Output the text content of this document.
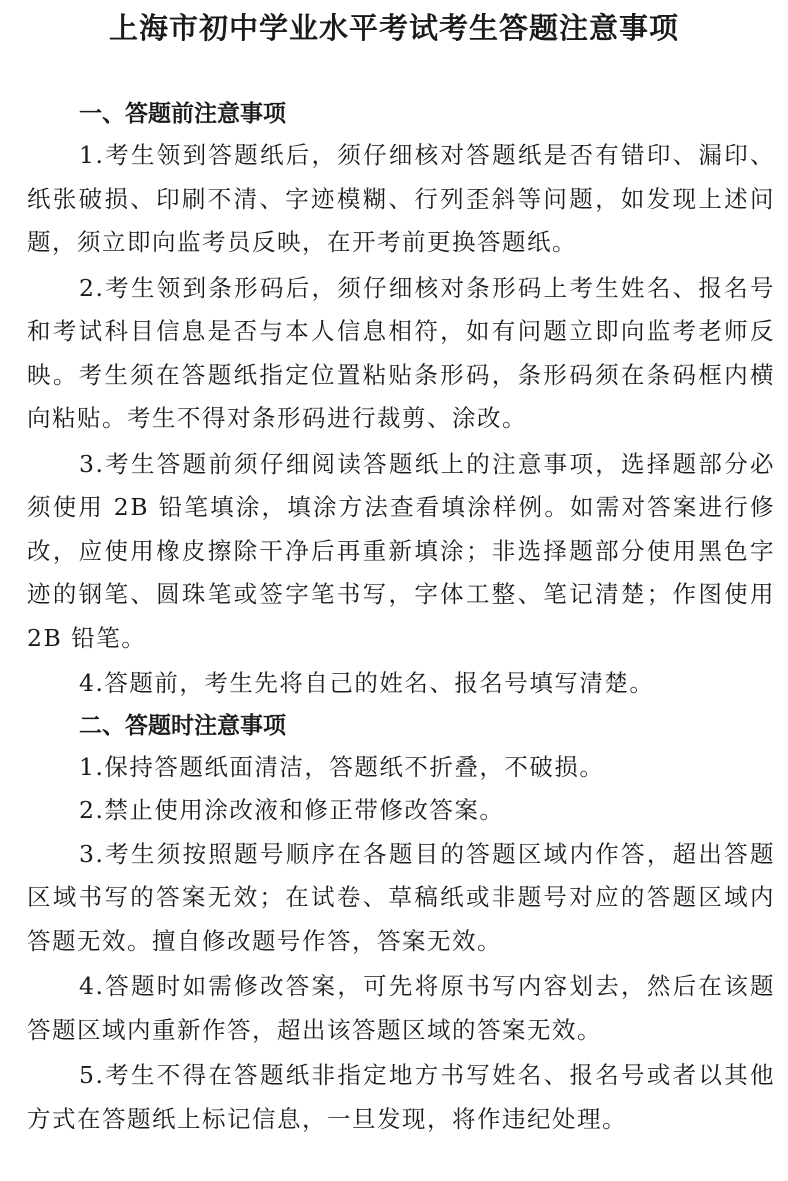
上海市初中学业水平考试考生答题注意事项
一、答题前注意事项

1.考生领到答题纸后，须仔细核对答题纸是否有错印、漏印、纸张破损、印刷不清、字迹模糊、行列歪斜等问题，如发现上述问题，须立即向监考员反映，在开考前更换答题纸。

2.考生领到条形码后，须仔细核对条形码上考生姓名、报名号和考试科目信息是否与本人信息相符，如有问题立即向监考老师反映。考生须在答题纸指定位置粘贴条形码，条形码须在条码框内横向粘贴。考生不得对条形码进行裁剪、涂改。

3.考生答题前须仔细阅读答题纸上的注意事项，选择题部分必须使用 2B 铅笔填涂，填涂方法查看填涂样例。如需对答案进行修改，应使用橡皮擦除干净后再重新填涂；非选择题部分使用黑色字迹的钢笔、圆珠笔或签字笔书写，字体工整、笔记清楚；作图使用 2B 铅笔。

4.答题前，考生先将自己的姓名、报名号填写清楚。

二、答题时注意事项

1.保持答题纸面清洁，答题纸不折叠，不破损。

2.禁止使用涂改液和修正带修改答案。

3.考生须按照题号顺序在各题目的答题区域内作答，超出答题区域书写的答案无效；在试卷、草稿纸或非题号对应的答题区域内答题无效。擅自修改题号作答，答案无效。

4.答题时如需修改答案，可先将原书写内容划去，然后在该题答题区域内重新作答，超出该答题区域的答案无效。

5.考生不得在答题纸非指定地方书写姓名、报名号或者以其他方式在答题纸上标记信息，一旦发现，将作违纪处理。
